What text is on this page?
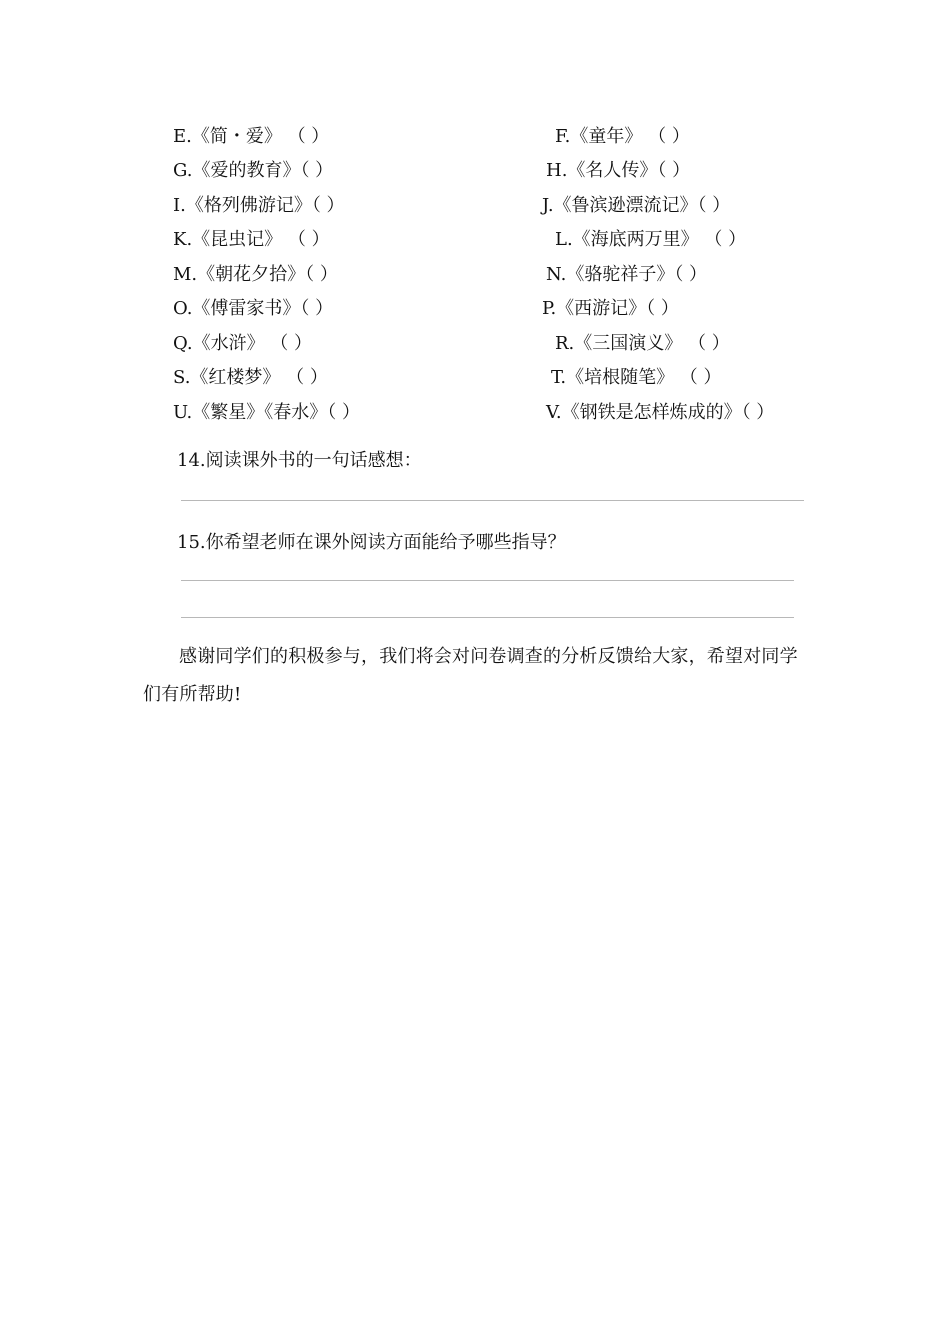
E.《简・爱》 （ ）	F.《童年》 （ ）
G.《爱的教育》（ ）	H.《名人传》（ ）
I.《格列佛游记》（ ）	J.《鲁滨逊漂流记》（ ）
K.《昆虫记》 （ ）	L.《海底两万里》 （ ）
M.《朝花夕拾》（ ）	N.《骆驼祥子》（ ）
O.《傅雷家书》（ ）	P.《西游记》（ ）
Q.《水浒》 （ ）	R.《三国演义》 （ ）
S.《红楼梦》 （ ）	T.《培根随笔》 （ ）
U.《繁星》《春水》（ ）	V.《钢铁是怎样炼成的》（ ）
14.阅读课外书的一句话感想：
15.你希望老师在课外阅读方面能给予哪些指导？
感谢同学们的积极参与，我们将会对问卷调查的分析反馈给大家，希望对同学们有所帮助!
